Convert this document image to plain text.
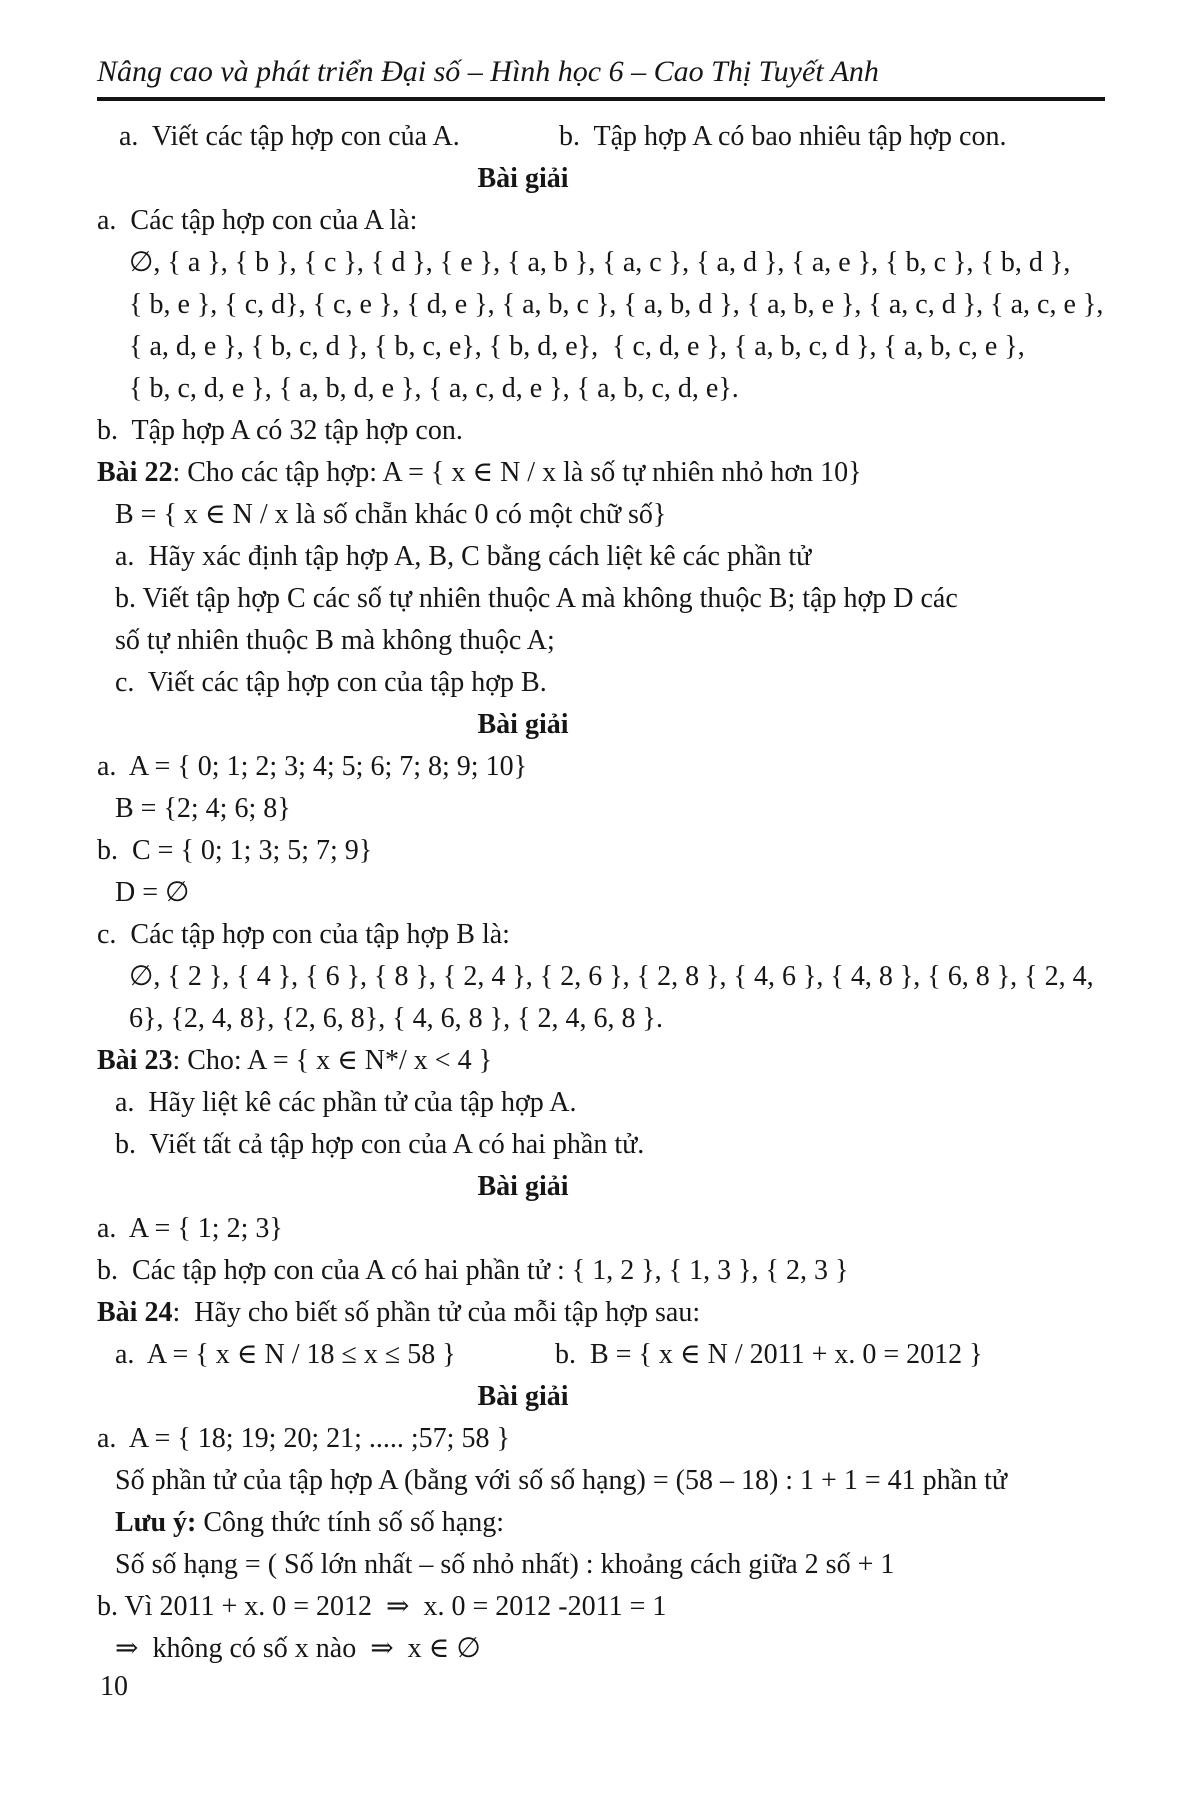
Nâng cao và phát triển Đại số – Hình học 6 – Cao Thị Tuyết Anh
a.  Viết các tập hợp con của A.	b.  Tập hợp A có bao nhiêu tập hợp con.
Bài giải
a.  Các tập hợp con của A là:
∅, { a }, { b }, { c }, { d }, { e }, { a, b }, { a, c }, { a, d }, { a, e }, { b, c }, { b, d },
{ b, e }, { c, d}, { c, e }, { d, e }, { a, b, c }, { a, b, d }, { a, b, e }, { a, c, d }, { a, c, e },
{ a, d, e }, { b, c, d }, { b, c, e}, { b, d, e},  { c, d, e }, { a, b, c, d }, { a, b, c, e },
{ b, c, d, e }, { a, b, d, e }, { a, c, d, e }, { a, b, c, d, e}.
b.  Tập hợp A có 32 tập hợp con.
Bài 22: Cho các tập hợp: A = { x ∈ N / x là số tự nhiên nhỏ hơn 10}
B = { x ∈ N / x là số chẵn khác 0 có một chữ số}
a.  Hãy xác định tập hợp A, B, C bằng cách liệt kê các phần tử
b. Viết tập hợp C các số tự nhiên thuộc A mà không thuộc B; tập hợp D các
số tự nhiên thuộc B mà không thuộc A;
c.  Viết các tập hợp con của tập hợp B.
Bài giải
a.  A = { 0; 1; 2; 3; 4; 5; 6; 7; 8; 9; 10}
B = {2; 4; 6; 8}
b.  C = { 0; 1; 3; 5; 7; 9}
D = ∅
c.  Các tập hợp con của tập hợp B là:
∅, { 2 }, { 4 }, { 6 }, { 8 }, { 2, 4 }, { 2, 6 }, { 2, 8 }, { 4, 6 }, { 4, 8 }, { 6, 8 }, { 2, 4,
6}, {2, 4, 8}, {2, 6, 8}, { 4, 6, 8 }, { 2, 4, 6, 8 }.
Bài 23: Cho: A = { x ∈ N*/ x < 4 }
a.  Hãy liệt kê các phần tử của tập hợp A.
b.  Viết tất cả tập hợp con của A có hai phần tử.
Bài giải
a.  A = { 1; 2; 3}
b.  Các tập hợp con của A có hai phần tử : { 1, 2 }, { 1, 3 }, { 2, 3 }
Bài 24:  Hãy cho biết số phần tử của mỗi tập hợp sau:
a.  A = { x ∈ N / 18 ≤ x ≤ 58 }	b.  B = { x ∈ N / 2011 + x. 0 = 2012 }
Bài giải
a.  A = { 18; 19; 20; 21; ..... ;57; 58 }
Số phần tử của tập hợp A (bằng với số số hạng) = (58 – 18) : 1 + 1 = 41 phần tử
Lưu ý: Công thức tính số số hạng:
Số số hạng = ( Số lớn nhất – số nhỏ nhất) : khoảng cách giữa 2 số + 1
b. Vì 2011 + x. 0 = 2012  ⇒  x. 0 = 2012 -2011 = 1
⇒  không có số x nào  ⇒  x ∈ ∅
10
